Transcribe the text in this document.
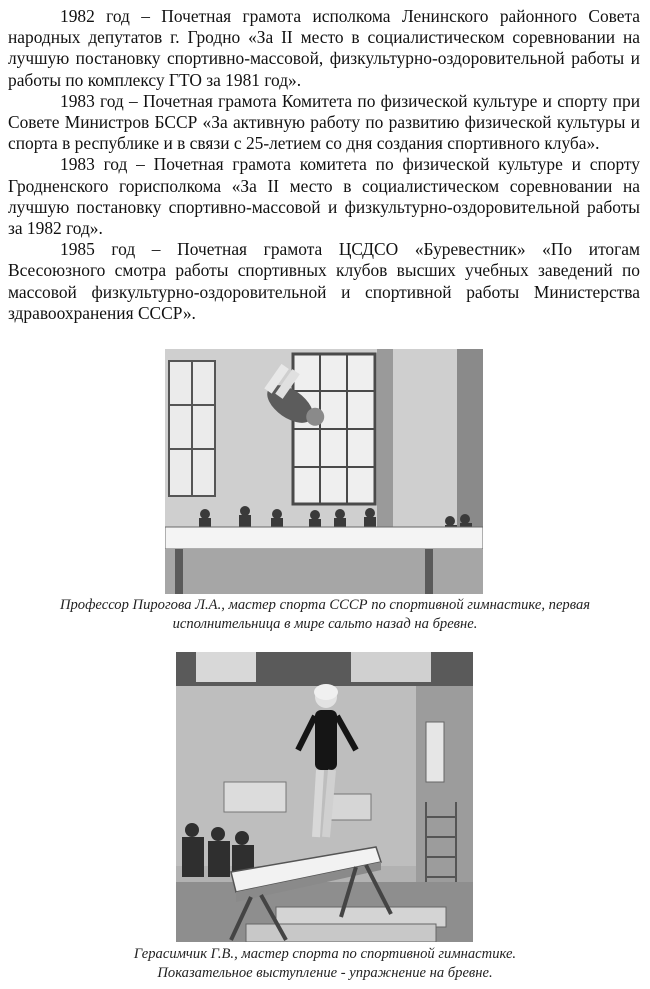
1982 год – Почетная грамота исполкома Ленинского районного Совета народных депутатов г. Гродно «За II место в социалистическом соревновании на лучшую постановку спортивно-массовой, физкультурно-оздоровительной работы и работы по комплексу ГТО за 1981 год».

1983 год – Почетная грамота Комитета по физической культуре и спорту при Совете Министров БССР «За активную работу по развитию физической культуры и спорта в республике и в связи с 25-летием со дня создания спортивного клуба».

1983 год – Почетная грамота комитета по физической культуре и спорту Гродненского горисполкома «За II место в социалистическом соревновании на лучшую постановку спортивно-массовой и физкультурно-оздоровительной работы за 1982 год».

1985 год – Почетная грамота ЦСДСО «Буревестник» «По итогам Всесоюзного смотра работы спортивных клубов высших учебных заведений по массовой физкультурно-оздоровительной и спортивной работы Министерства здравоохранения СССР».

Профессор Пирогова Л.А., мастер спорта СССР по спортивной гимнастике, первая
исполнительница в мире сальто назад на бревне.
Герасимчик Г.В., мастер спорта по спортивной гимнастике.
Показательное выступление - упражнение на бревне.
